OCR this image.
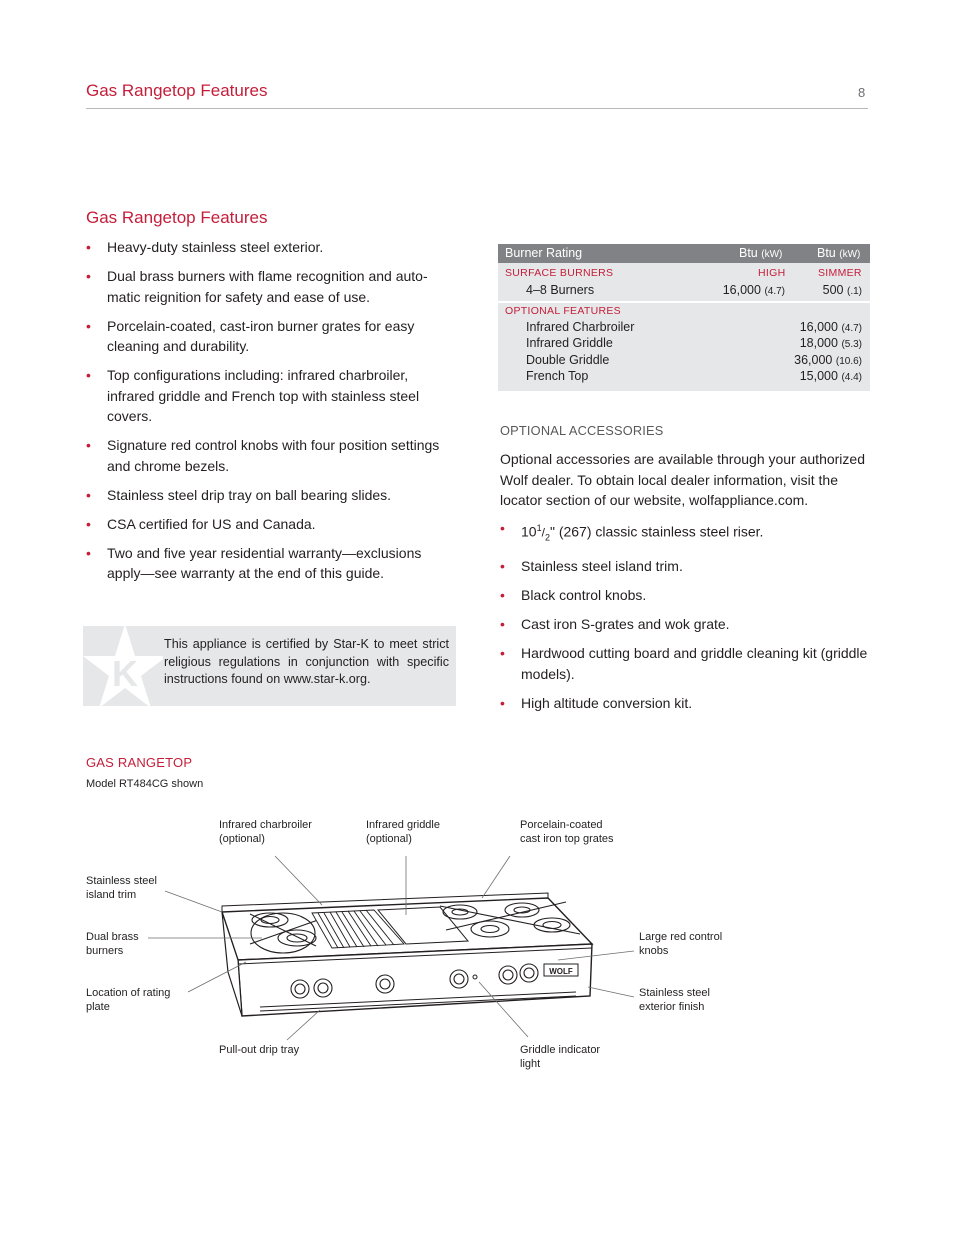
Gas Rangetop Features	8
Gas Rangetop Features
• Heavy-duty stainless steel exterior.
• Dual brass burners with flame recognition and auto-matic reignition for safety and ease of use.
• Porcelain-coated, cast-iron burner grates for easy cleaning and durability.
• Top configurations including: infrared charbroiler, infrared griddle and French top with stainless steel covers.
• Signature red control knobs with four position settings and chrome bezels.
• Stainless steel drip tray on ball bearing slides.
• CSA certified for US and Canada.
• Two and five year residential warranty—exclusions apply—see warranty at the end of this guide.
K
This appliance is certified by Star-K to meet strict religious regulations in conjunction with specific instructions found on www.star-k.org.
Burner Rating	Btu (kW)	Btu (kW)
SURFACE BURNERS	HIGH	SIMMER
4–8 Burners	16,000 (4.7)	500 (.1)
OPTIONAL FEATURES
Infrared Charbroiler	16,000 (4.7)
Infrared Griddle	18,000 (5.3)
Double Griddle	36,000 (10.6)
French Top	15,000 (4.4)
OPTIONAL ACCESSORIES
Optional accessories are available through your authorized Wolf dealer. To obtain local dealer information, visit the locator section of our website, wolfappliance.com.
• $10^1/_2$" (267) classic stainless steel riser.
• Stainless steel island trim.
• Black control knobs.
• Cast iron S-grates and wok grate.
• Hardwood cutting board and griddle cleaning kit (griddle models).
• High altitude conversion kit.
GAS RANGETOP
Model RT484CG shown
WOLF
Infrared charbroiler
(optional)
Infrared griddle
(optional)
Porcelain-coated
cast iron top grates
Stainless steel
island trim
Dual brass
burners
Location of rating
plate
Pull-out drip tray	Griddle indicator
light
Large red control
knobs
Stainless steel
exterior finish
